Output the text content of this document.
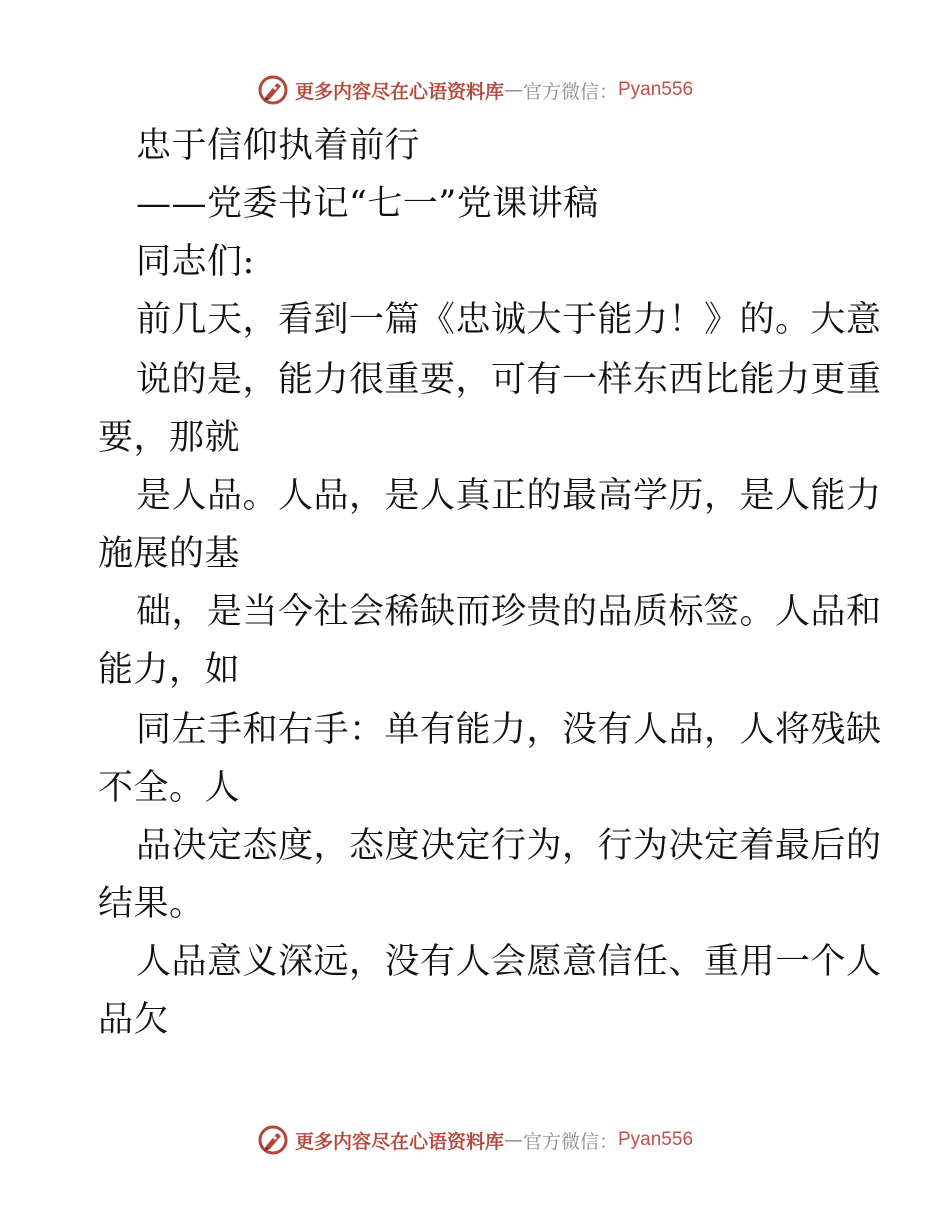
更多内容尽在心语资料库 — 官方微信： Pyan556
忠于信仰执着前行
——党委书记“七一”党课讲稿
同志们:
前几天，看到一篇《忠诚大于能力！》的。大意
说的是，能力很重要，可有一样东西比能力更重
要，那就
是人品。人品，是人真正的最高学历，是人能力
施展的基
础，是当今社会稀缺而珍贵的品质标签。人品和
能力，如
同左手和右手：单有能力，没有人品，人将残缺
不全。人
品决定态度，态度决定行为，行为决定着最后的
结果。
人品意义深远，没有人会愿意信任、重用一个人
品欠
更多内容尽在心语资料库 — 官方微信： Pyan556
